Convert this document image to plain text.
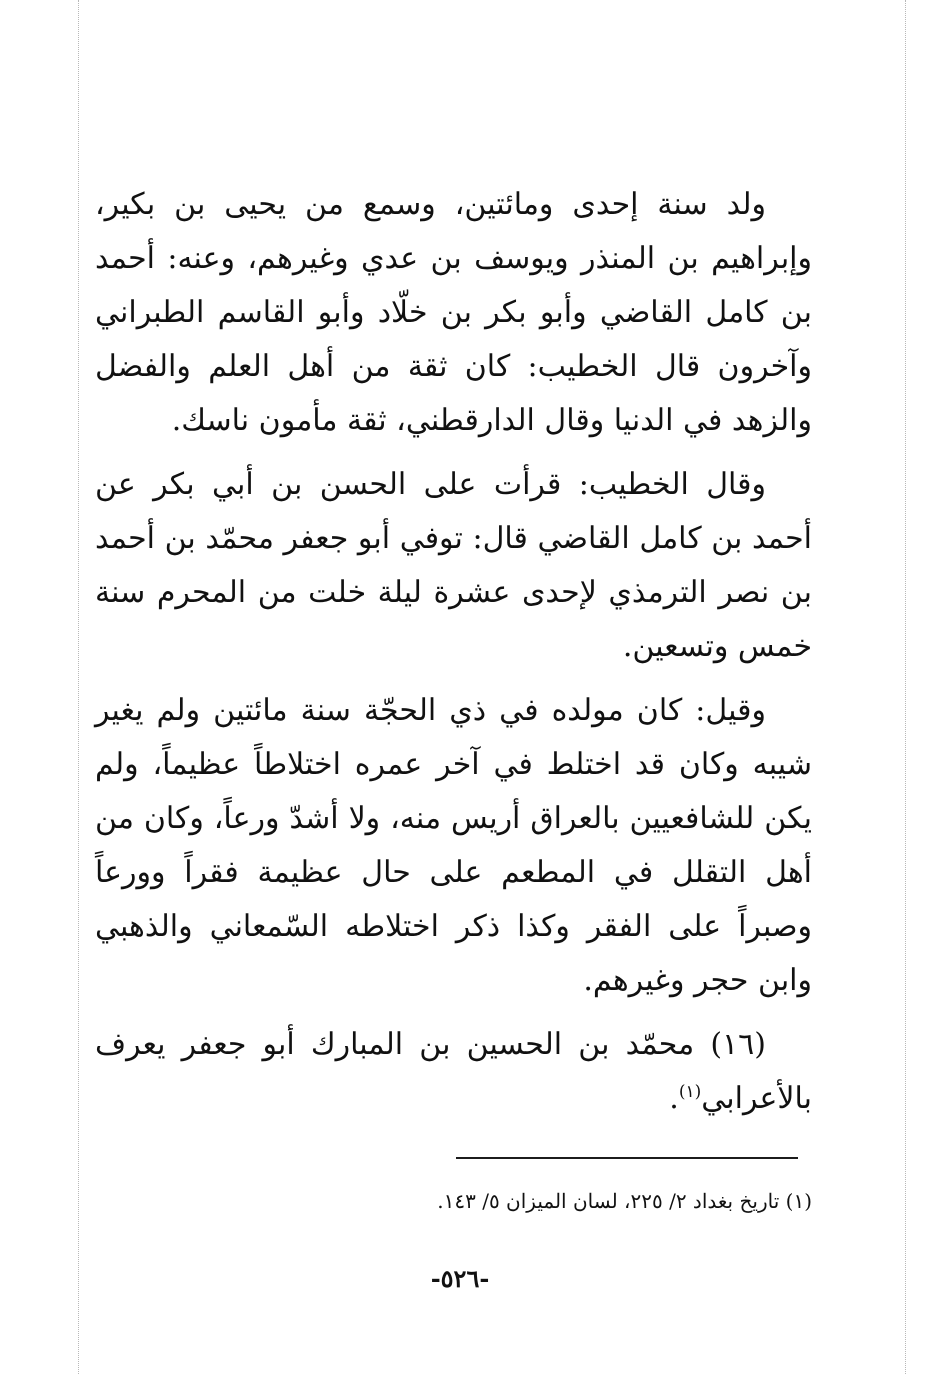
ولد سنة إحدى ومائتين، وسمع من يحيى بن بكير، وإبراهيم بن المنذر ويوسف بن عدي وغيرهم، وعنه: أحمد بن كامل القاضي وأبو بكر بن خلّاد وأبو القاسم الطبراني وآخرون قال الخطيب: كان ثقة من أهل العلم والفضل والزهد في الدنيا وقال الدارقطني، ثقة مأمون ناسك.

وقال الخطيب: قرأت على الحسن بن أبي بكر عن أحمد بن كامل القاضي قال: توفي أبو جعفر محمّد بن أحمد بن نصر الترمذي لإحدى عشرة ليلة خلت من المحرم سنة خمس وتسعين.

وقيل: كان مولده في ذي الحجّة سنة مائتين ولم يغير شيبه وكان قد اختلط في آخر عمره اختلاطاً عظيماً، ولم يكن للشافعيين بالعراق أريس منه، ولا أشدّ ورعاً، وكان من أهل التقلل في المطعم على حال عظيمة فقراً وورعاً وصبراً على الفقر وكذا ذكر اختلاطه السّمعاني والذهبي وابن حجر وغيرهم.

(١٦) محمّد بن الحسين بن المبارك أبو جعفر يعرف بالأعرابي$^{(١)}$.

(١) تاريخ بغداد ٢/ ٢٢٥، لسان الميزان ٥/ ١٤٣.
-٥٢٦-
